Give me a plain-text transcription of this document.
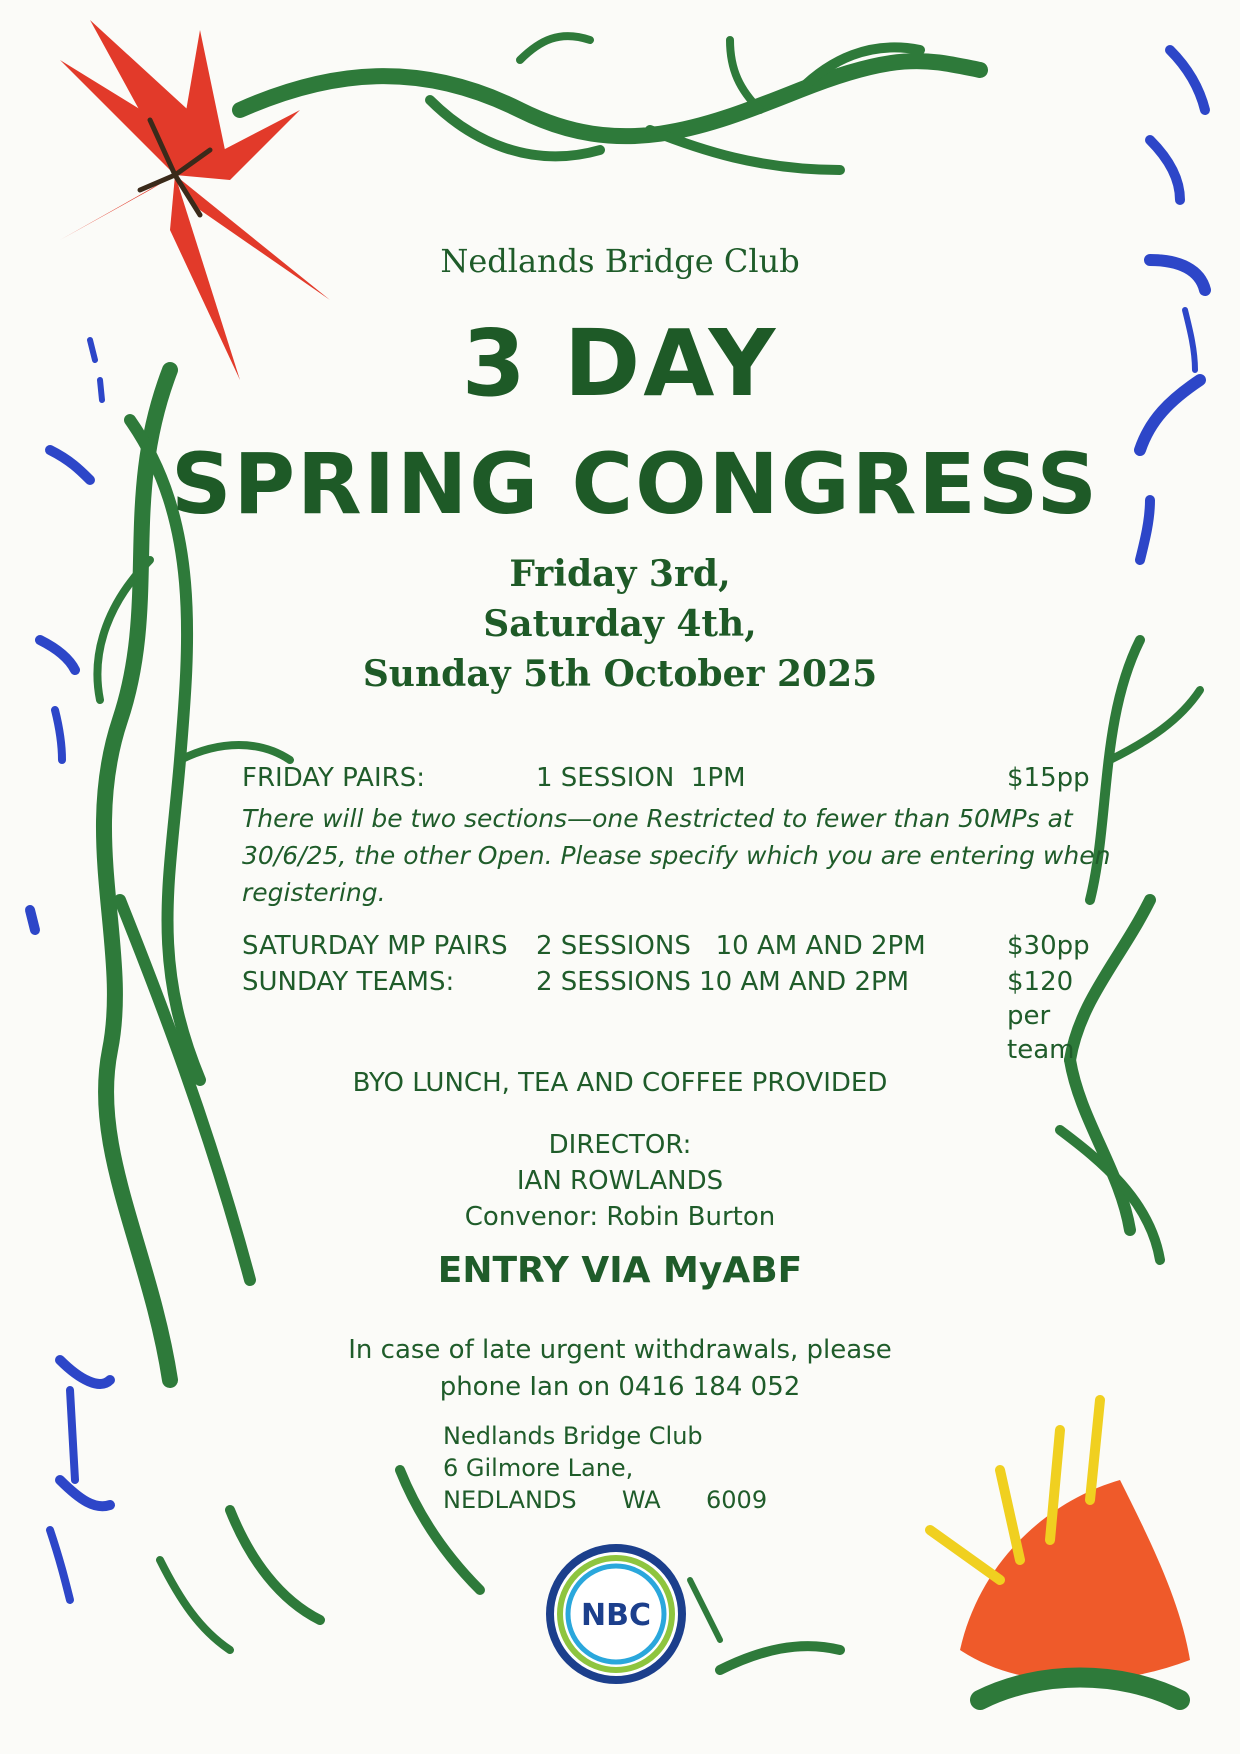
Nedlands Bridge Club
3 DAY
SPRING CONGRESS
Friday 3rd,
Saturday 4th,
Sunday 5th October 2025
FRIDAY PAIRS:	1 SESSION  1PM	$15pp
There will be two sections—one Restricted to fewer than 50MPs at 30/6/25, the other Open. Please specify which you are entering when registering.
SATURDAY MP PAIRS 2 SESSIONS   10 AM AND 2PM	$30pp
SUNDAY TEAMS:	2 SESSIONS 10 AM AND 2PM	$120 per team
BYO LUNCH, TEA AND COFFEE PROVIDED
DIRECTOR:
IAN ROWLANDS
Convenor: Robin Burton
ENTRY VIA MyABF
In case of late urgent withdrawals, please
phone Ian on 0416 184 052
Nedlands Bridge Club
6 Gilmore Lane,
NEDLANDS WA 6009
NBC
